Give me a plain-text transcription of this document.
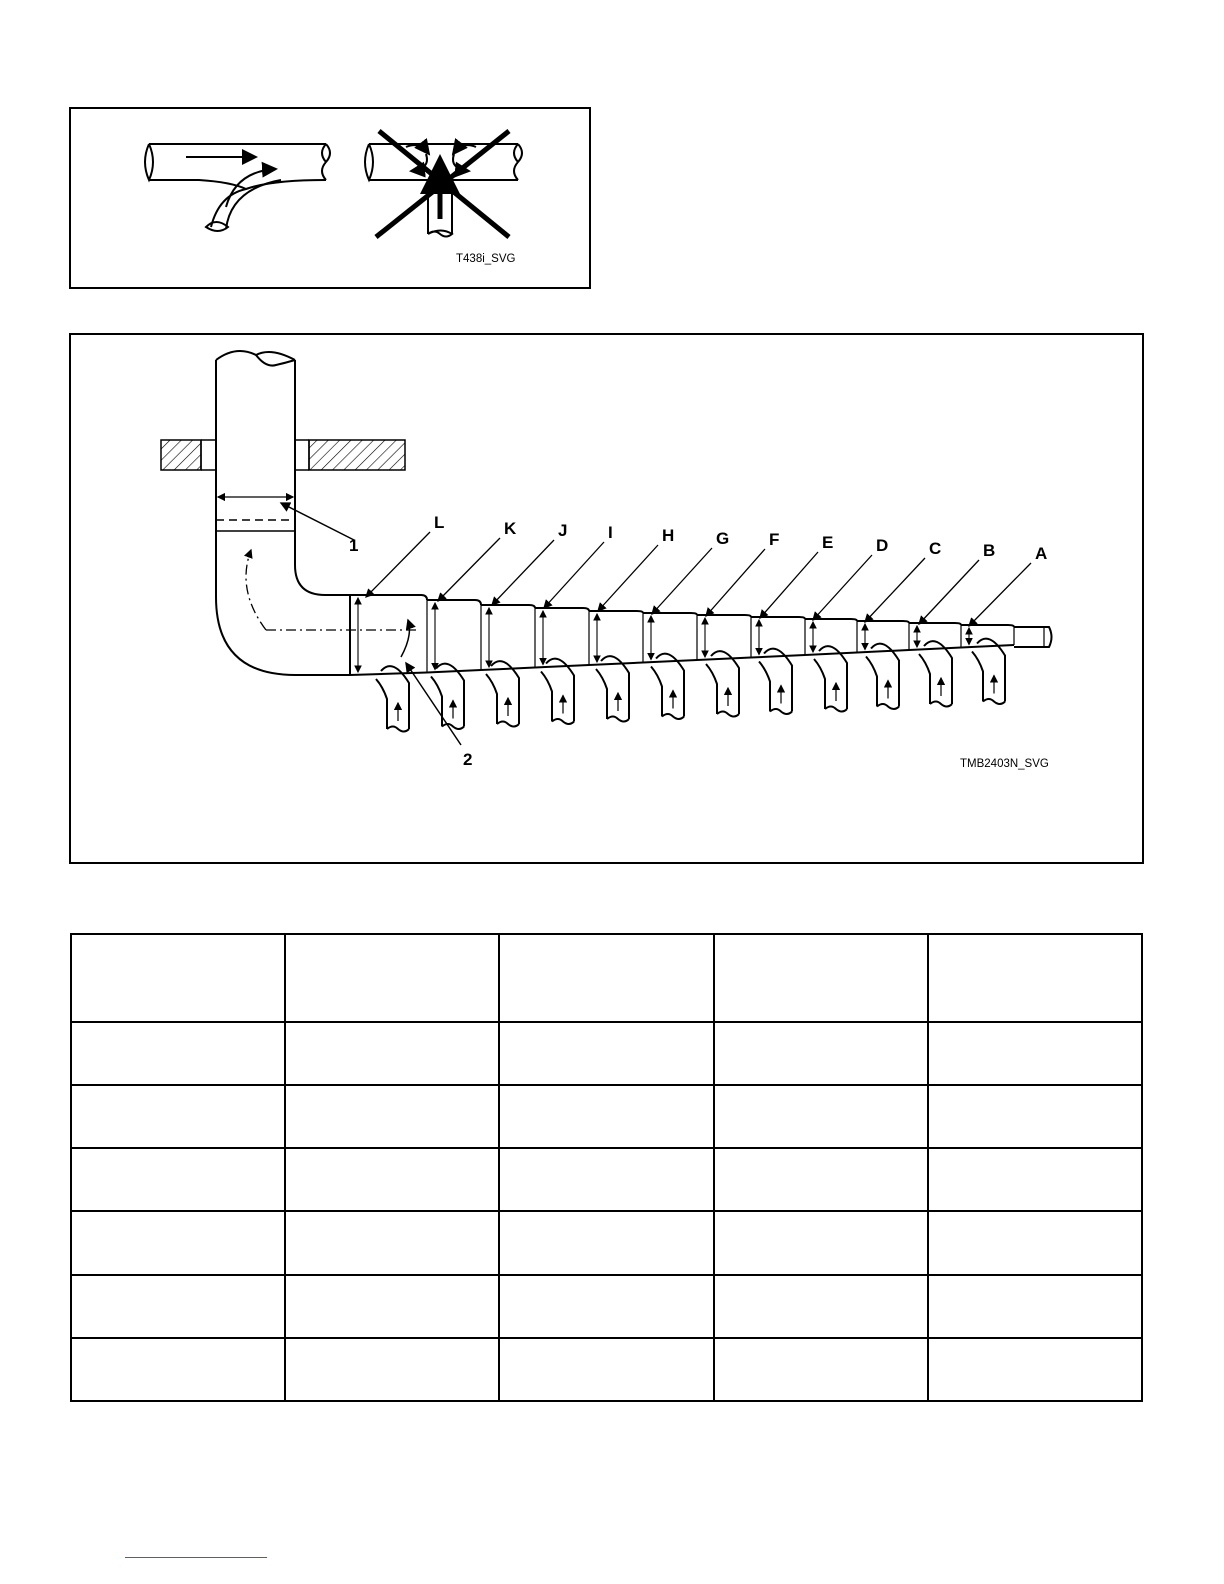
T438i_SVG
L	K J I	H G F	E	D C B A
1
2	TMB2403N_SVG
